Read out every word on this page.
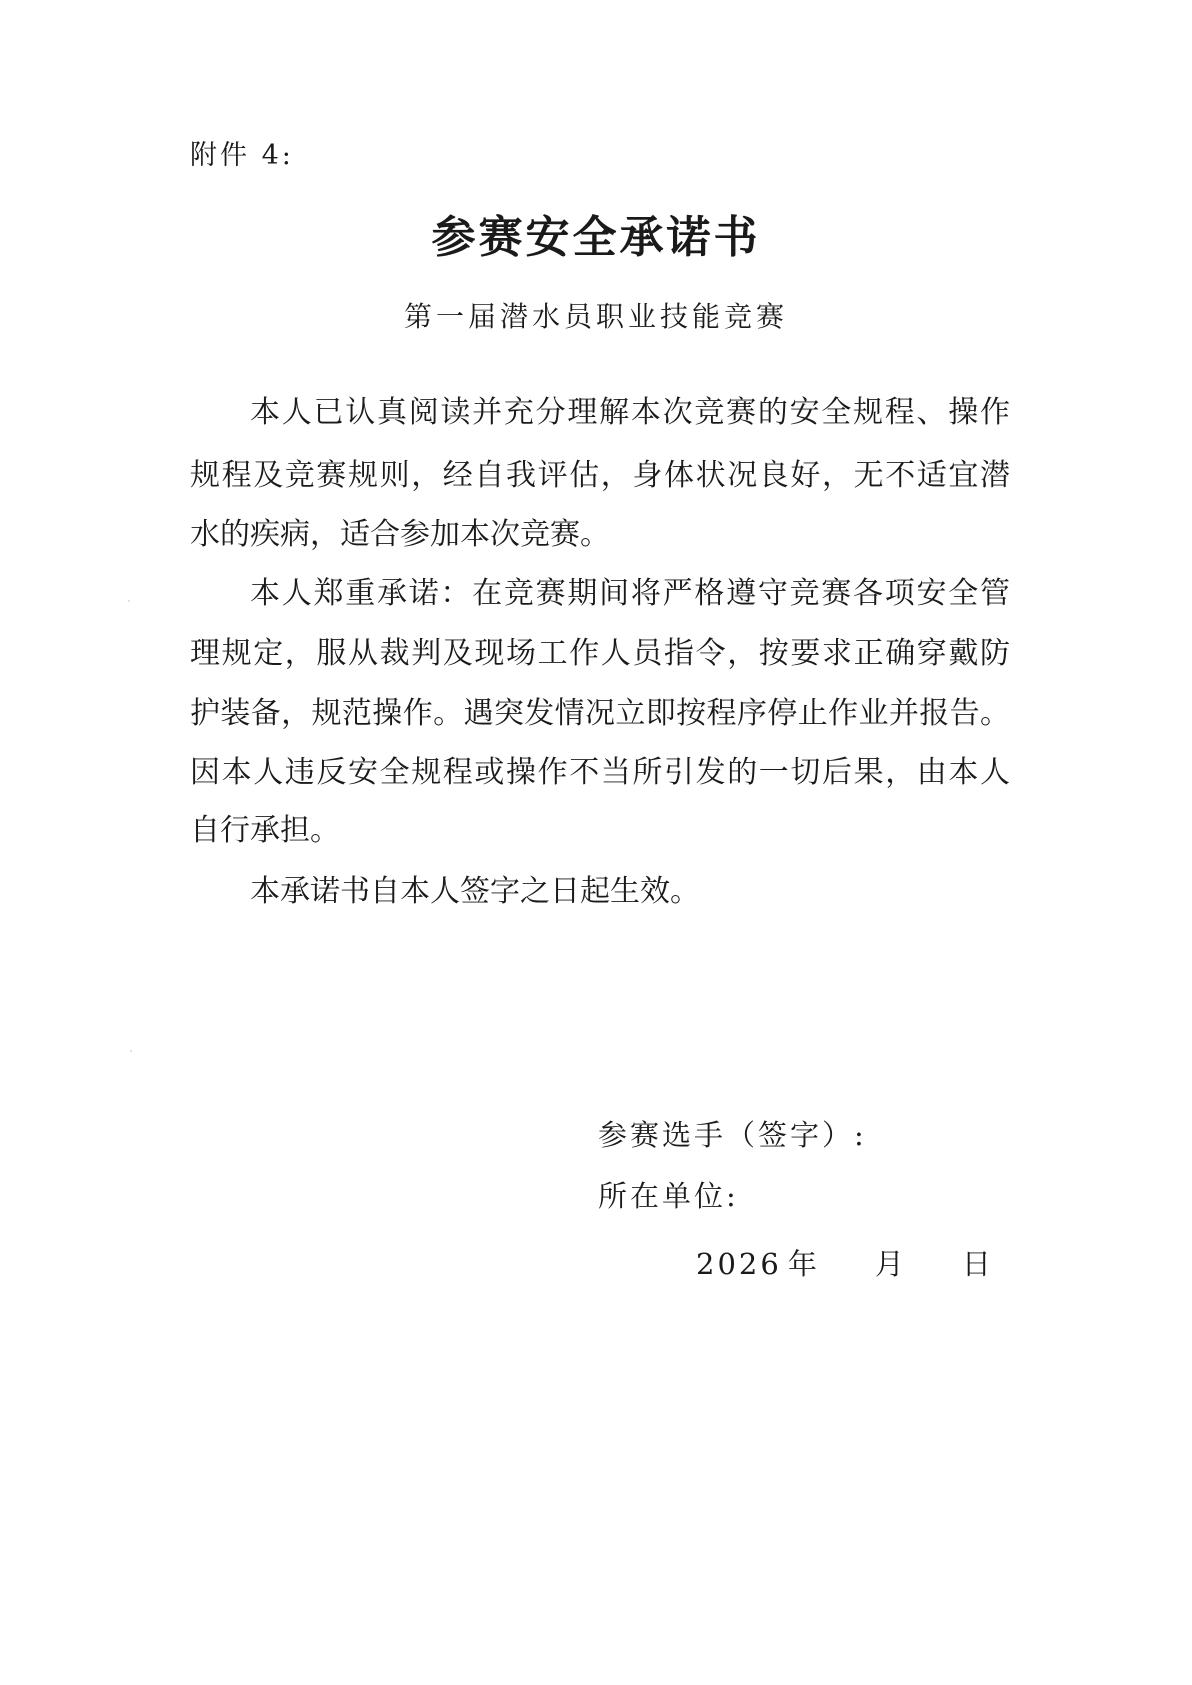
附件 4:
参赛安全承诺书
第一届潜水员职业技能竞赛
本人已认真阅读并充分理解本次竞赛的安全规程、操作
规程及竞赛规则，经自我评估，身体状况良好，无不适宜潜
水的疾病，适合参加本次竞赛。
本人郑重承诺：在竞赛期间将严格遵守竞赛各项安全管
理规定，服从裁判及现场工作人员指令，按要求正确穿戴防
护装备，规范操作。遇突发情况立即按程序停止作业并报告。
因本人违反安全规程或操作不当所引发的一切后果，由本人
自行承担。
本承诺书自本人签字之日起生效。
参赛选手（签字）:
所在单位:
2026 年 月 日
